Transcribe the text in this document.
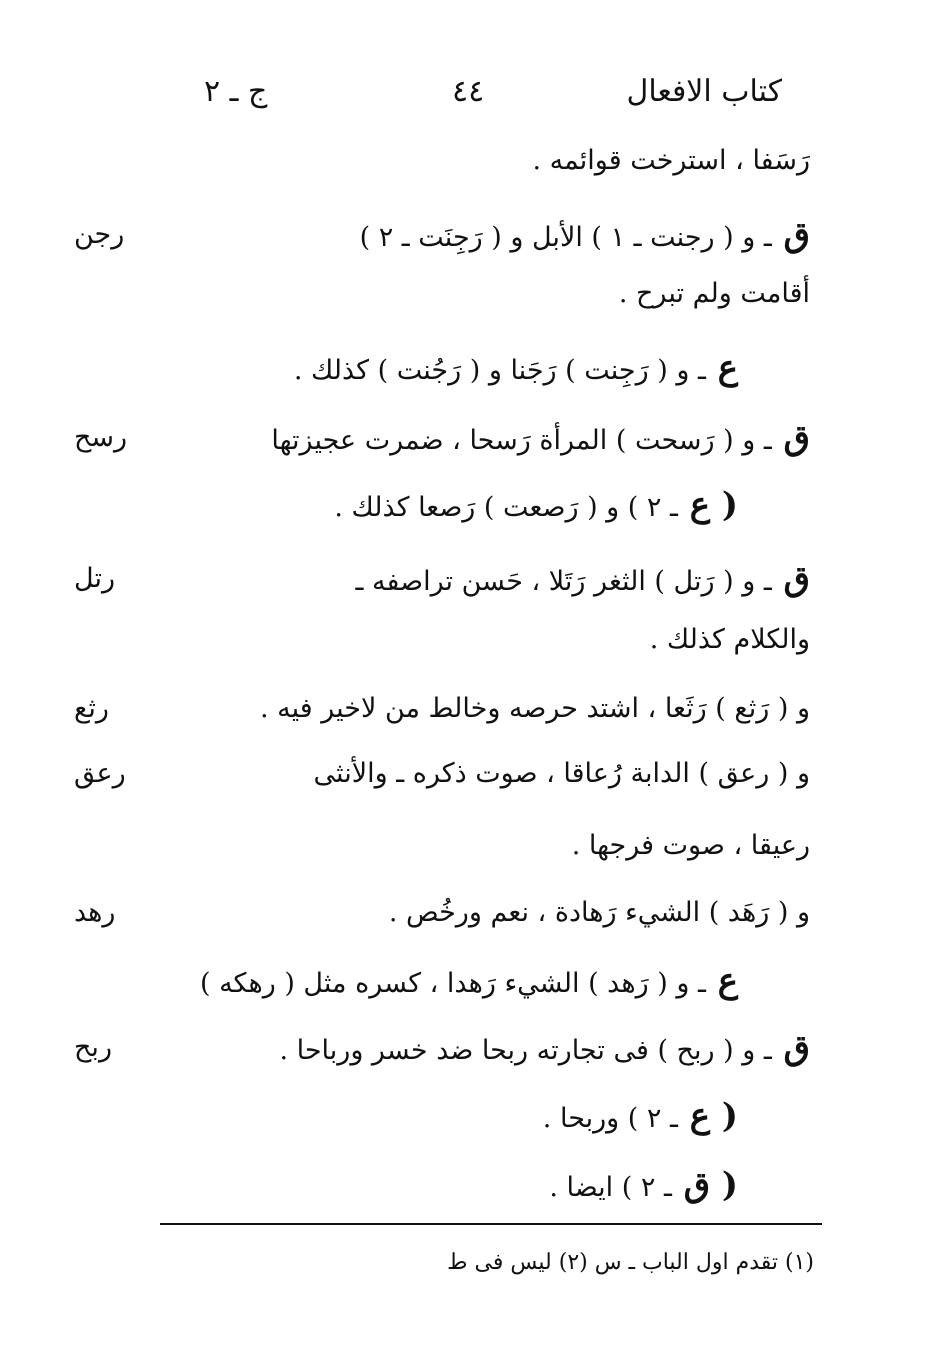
كتاب الافعال
٤٤
ج ـ ٢
رَسَفا ، استرخت قوائمه .
ق ـ و ( رجنت ـ ١ ) الأبل و ( رَجِنَت ـ ٢ )
رجن
أقامت ولم تبرح .
ع ـ و ( رَجِنت ) رَجَنا و ( رَجُنت ) كذلك .
ق ـ و ( رَسحت ) المرأة رَسحا ، ضمرت عجيزتها
رسح
( ع ـ ٢ ) و ( رَصعت ) رَصعا كذلك .
ق ـ و ( رَتل ) الثغر رَتَلا ، حَسن تراصفه ـ
رتل
والكلام كذلك .
و ( رَثع ) رَثَعا ، اشتد حرصه وخالط من لاخير فيه .
رثع
و ( رعق ) الدابة رُعاقا ، صوت ذكره ـ والأنثى
رعق
رعيقا ، صوت فرجها .
و ( رَهَد ) الشيء رَهادة ، نعم ورخُص .
رهد
ع ـ و ( رَهد ) الشيء رَهدا ، كسره مثل ( رهكه )
ق ـ و ( ربح ) فى تجارته ربحا ضد خسر ورباحا .
ربح
( ع ـ ٢ ) وربحا .
( ق ـ ٢ ) ايضا .
(١) تقدم اول الباب ـ س (٢) ليس فى ط
